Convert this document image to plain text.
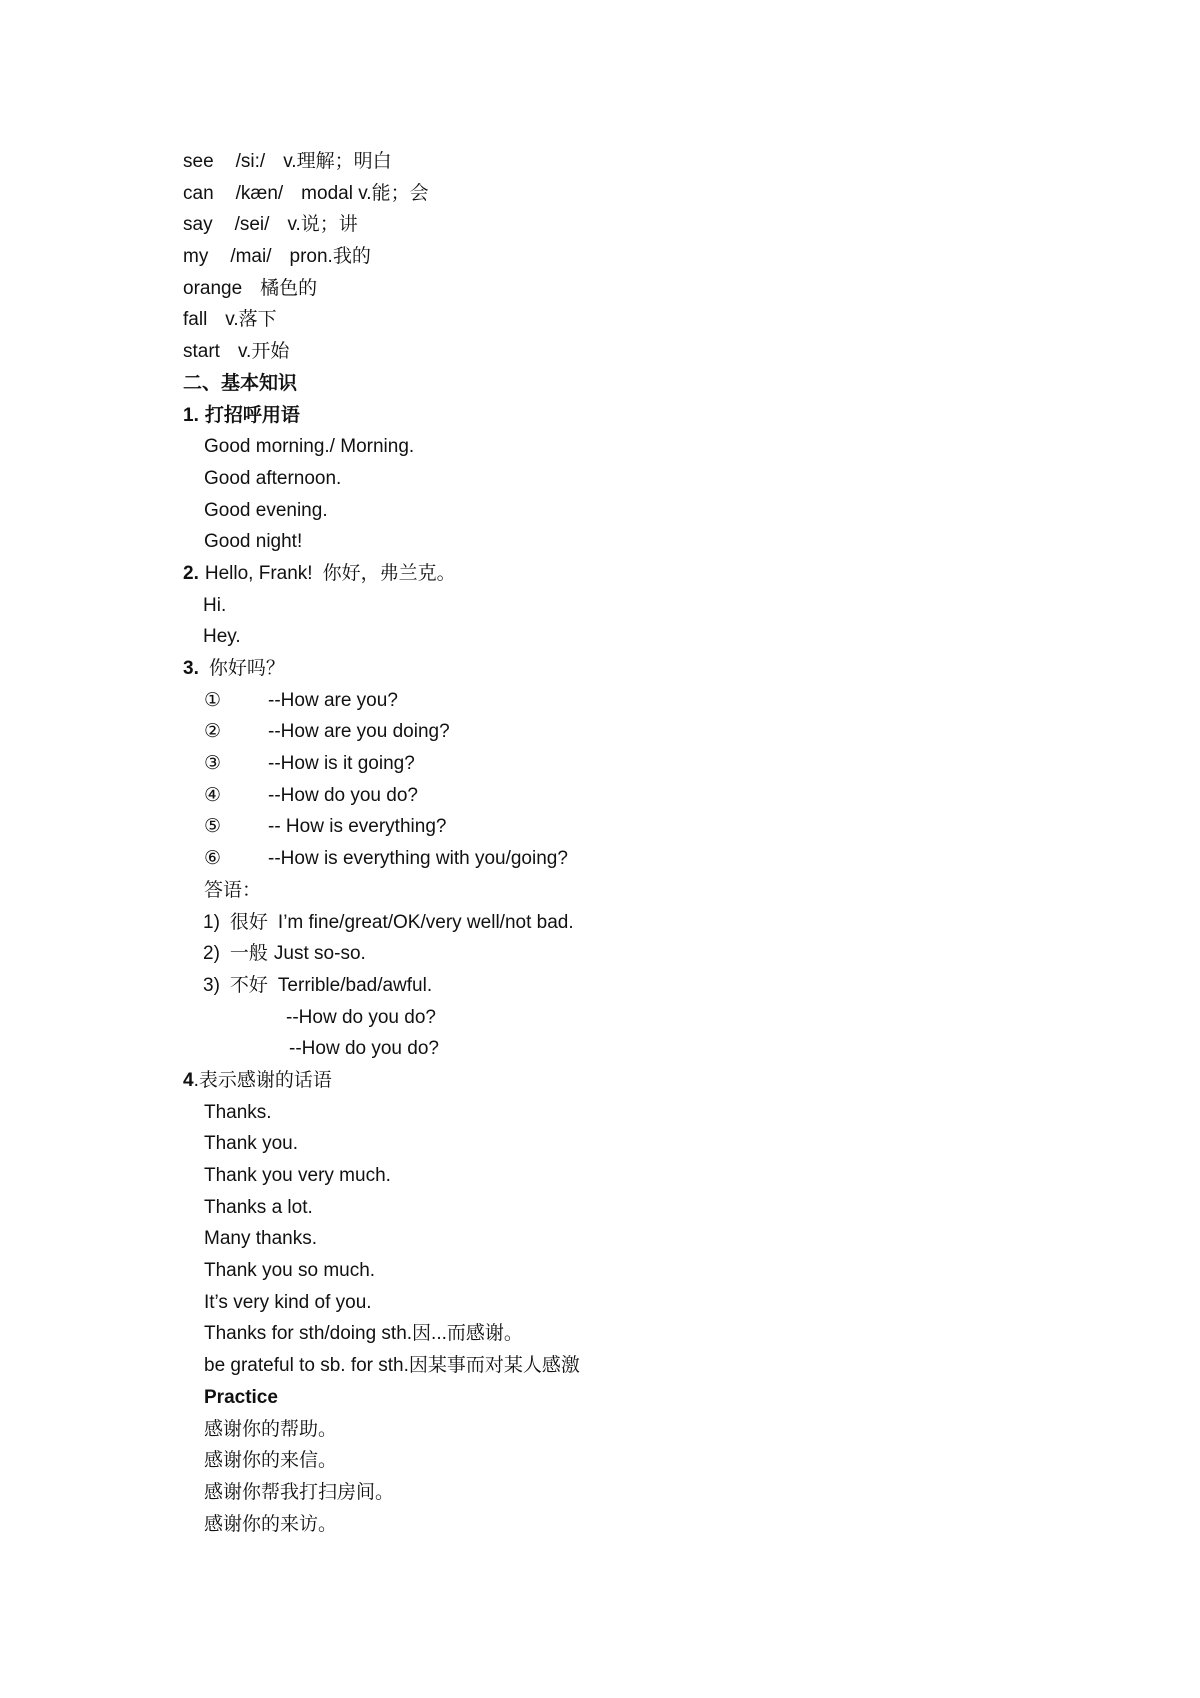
see /si:/ v.理解；明白
can /kæn/ modal v.能；会
say /sei/ v.说；讲
my /mai/ pron.我的
orange 橘色的
fall v.落下
start v.开始
二、基本知识
1. 打招呼用语
Good morning./ Morning.
Good afternoon.
Good evening.
Good night!
2. Hello, Frank! 你好，弗兰克。
Hi.
Hey.
3. 你好吗？
① --How are you?
② --How are you doing?
③ --How is it going?
④ --How do you do?
⑤ -- How is everything?
⑥ --How is everything with you/going?
答语：
1) 很好 I’m fine/great/OK/very well/not bad.
2) 一般 Just so-so.
3) 不好 Terrible/bad/awful.
--How do you do?
--How do you do?
4.表示感谢的话语
Thanks.
Thank you.
Thank you very much.
Thanks a lot.
Many thanks.
Thank you so much.
It’s very kind of you.
Thanks for sth/doing sth.因...而感谢。
be grateful to sb. for sth.因某事而对某人感激
Practice
感谢你的帮助。
感谢你的来信。
感谢你帮我打扫房间。
感谢你的来访。
